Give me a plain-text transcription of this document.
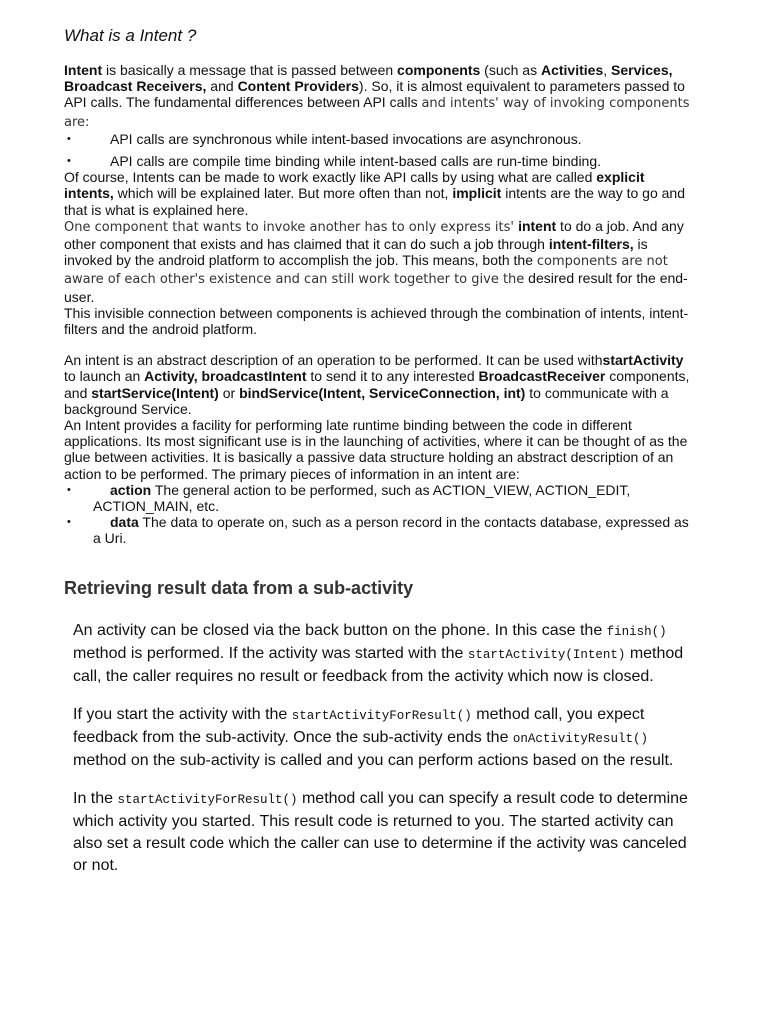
What is a Intent ?

Intent is basically a message that is passed between components (such as Activities, Services, Broadcast Receivers, and Content Providers). So, it is almost equivalent to parameters passed to API calls. The fundamental differences between API calls and intents' way of invoking components are:

• API calls are synchronous while intent-based invocations are asynchronous.
• API calls are compile time binding while intent-based calls are run-time binding.

Of course, Intents can be made to work exactly like API calls by using what are called explicit intents, which will be explained later. But more often than not, implicit intents are the way to go and that is what is explained here.
One component that wants to invoke another has to only express its' intent to do a job. And any other component that exists and has claimed that it can do such a job through intent-filters, is invoked by the android platform to accomplish the job. This means, both the components are not aware of each other's existence and can still work together to give the desired result for the end-user.
This invisible connection between components is achieved through the combination of intents, intent-filters and the android platform.

An intent is an abstract description of an operation to be performed. It can be used withstartActivity to launch an Activity, broadcastIntent to send it to any interested BroadcastReceiver components, and startService(Intent) or bindService(Intent, ServiceConnection, int) to communicate with a background Service.
An Intent provides a facility for performing late runtime binding between the code in different applications. Its most significant use is in the launching of activities, where it can be thought of as the glue between activities. It is basically a passive data structure holding an abstract description of an action to be performed. The primary pieces of information in an intent are:

• action The general action to be performed, such as ACTION_VIEW, ACTION_EDIT, ACTION_MAIN, etc.
• data The data to operate on, such as a person record in the contacts database, expressed as a Uri.
Retrieving result data from a sub-activity

An activity can be closed via the back button on the phone. In this case the finish() method is performed. If the activity was started with the startActivity(Intent) method call, the caller requires no result or feedback from the activity which now is closed.

If you start the activity with the startActivityForResult() method call, you expect feedback from the sub-activity. Once the sub-activity ends the onActivityResult() method on the sub-activity is called and you can perform actions based on the result.

In the startActivityForResult() method call you can specify a result code to determine which activity you started. This result code is returned to you. The started activity can also set a result code which the caller can use to determine if the activity was canceled or not.
